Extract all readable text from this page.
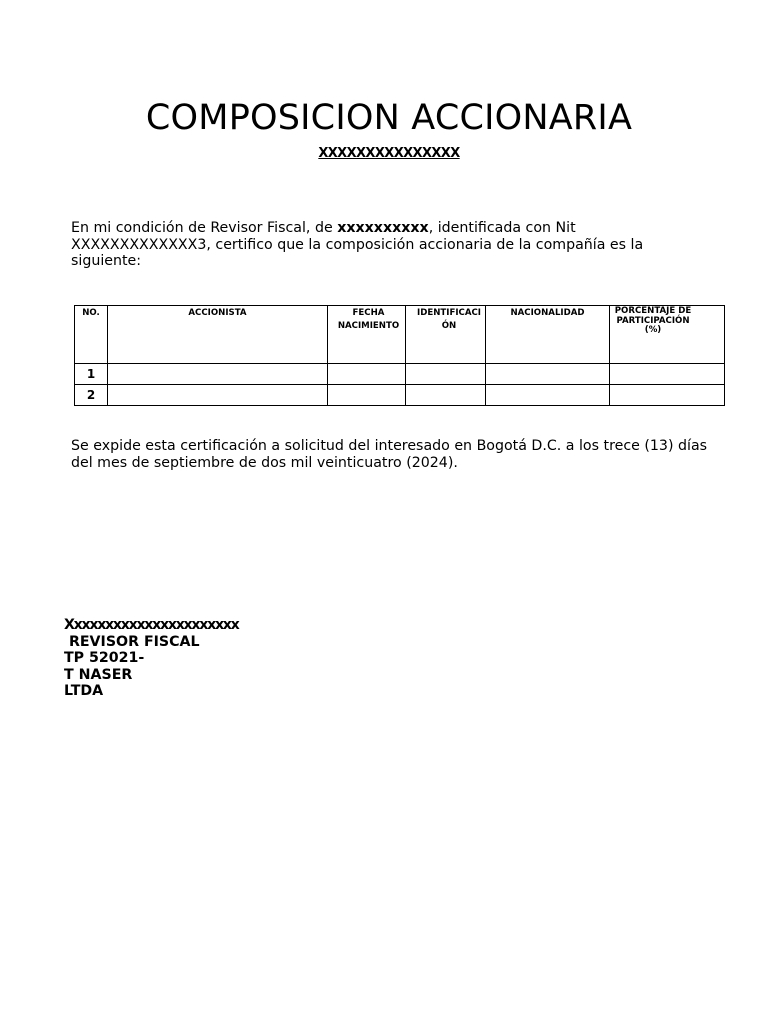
COMPOSICION ACCIONARIA
XXXXXXXXXXXXXXX
En mi condición de Revisor Fiscal, de xxxxxxxxxx, identificada con Nit XXXXXXXXXXXXX3, certifico que la composición accionaria de la compañía es la siguiente:
NO.	ACCIONISTA	FECHA NACIMIENTO	IDENTIFICACI ÓN	NACIONALIDAD	PORCENTAJE DE PARTICIPACIÓN (%)
1					
2					
Se expide esta certificación a solicitud del interesado en Bogotá D.C. a los trece (13) días del mes de septiembre de dos mil veinticuatro (2024).
Xxxxxxxxxxxxxxxxxxxxxx
REVISOR FISCAL
TP 52021-
T NASER
LTDA
